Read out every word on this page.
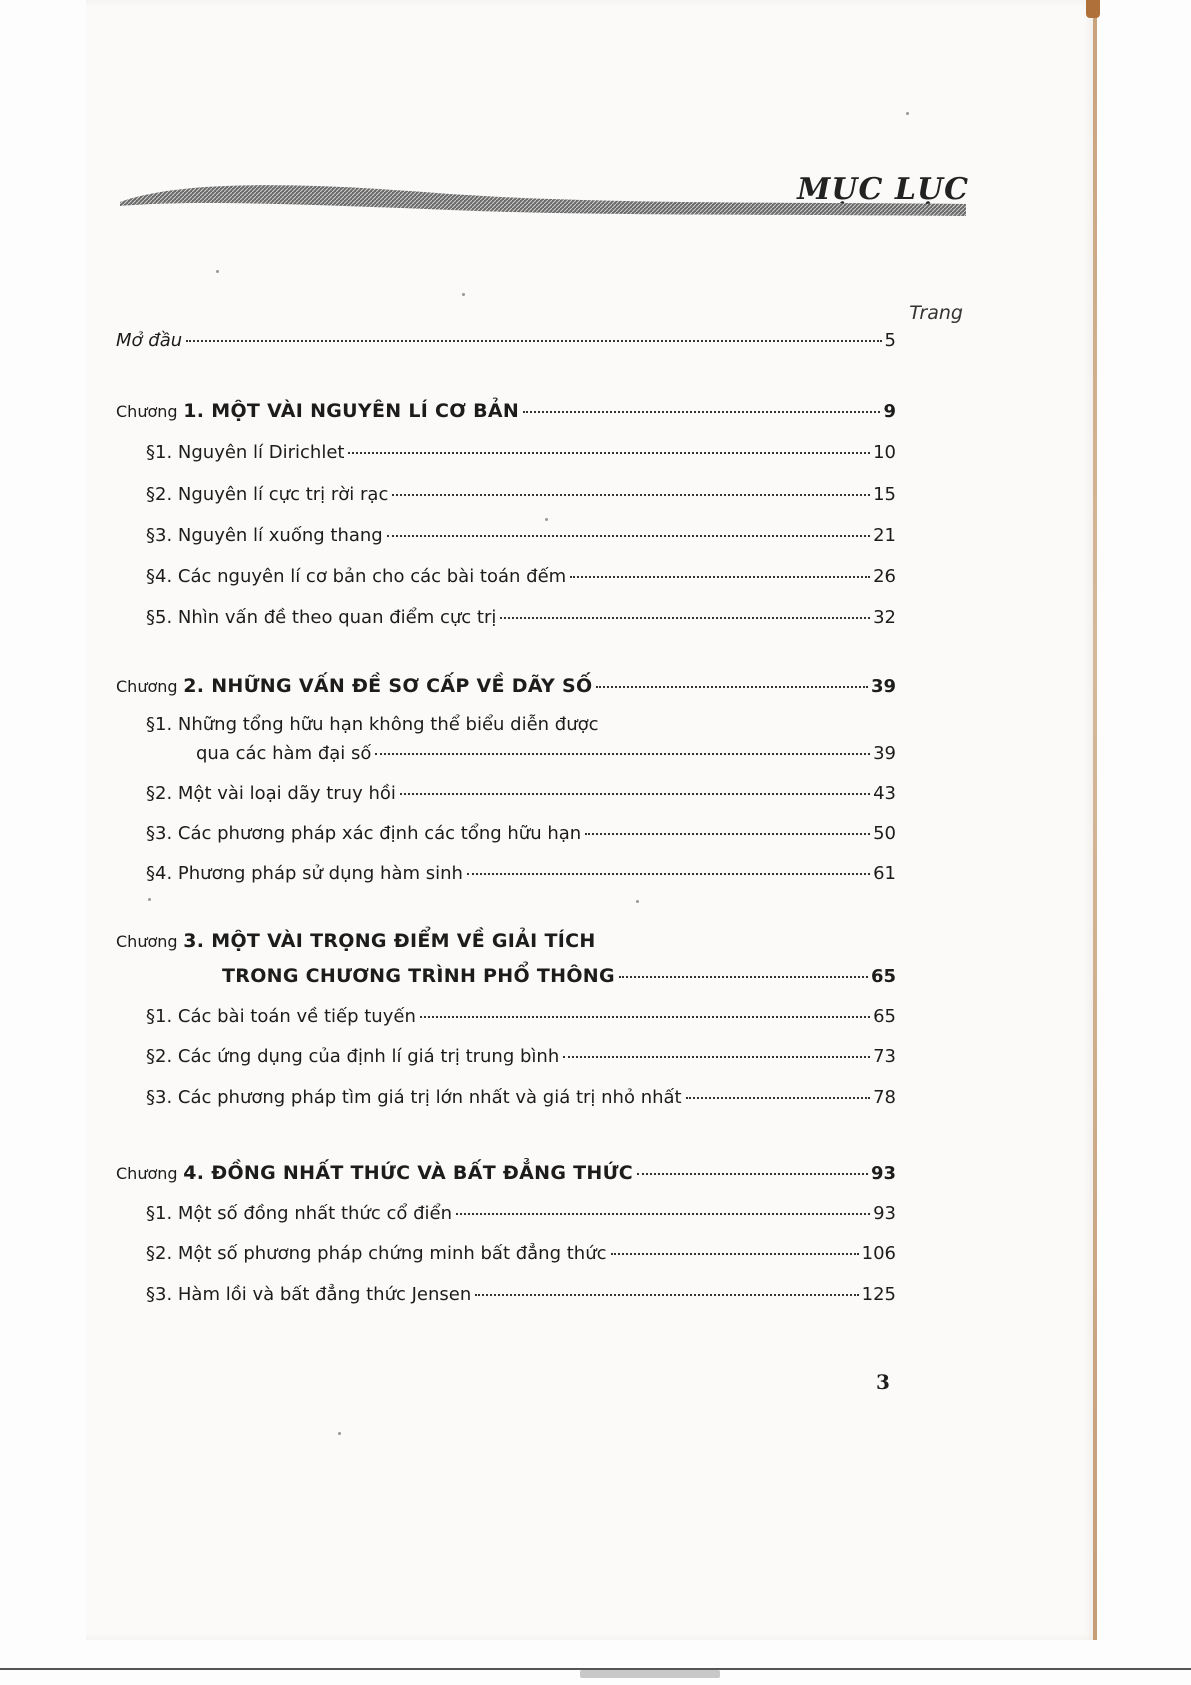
MỤC LỤC
Trang
Mở đầu	5
Chương 1. MỘT VÀI NGUYÊN LÍ CƠ BẢN	9
§1. Nguyên lí Dirichlet	10
§2. Nguyên lí cực trị rời rạc	15
§3. Nguyên lí xuống thang	21
§4. Các nguyên lí cơ bản cho các bài toán đếm	26
§5. Nhìn vấn đề theo quan điểm cực trị	32
Chương 2. NHỮNG VẤN ĐỀ SƠ CẤP VỀ DÃY SỐ	39
§1. Những tổng hữu hạn không thể biểu diễn được
qua các hàm đại số	39
§2. Một vài loại dãy truy hồi	43
§3. Các phương pháp xác định các tổng hữu hạn	50
§4. Phương pháp sử dụng hàm sinh	61
Chương 3. MỘT VÀI TRỌNG ĐIỂM VỀ GIẢI TÍCH
TRONG CHƯƠNG TRÌNH PHỔ THÔNG	65
§1. Các bài toán về tiếp tuyến	65
§2. Các ứng dụng của định lí giá trị trung bình	73
§3. Các phương pháp tìm giá trị lớn nhất và giá trị nhỏ nhất	78
Chương 4. ĐỒNG NHẤT THỨC VÀ BẤT ĐẲNG THỨC	93
§1. Một số đồng nhất thức cổ điển	93
§2. Một số phương pháp chứng minh bất đẳng thức	106
§3. Hàm lồi và bất đẳng thức Jensen	125
3
